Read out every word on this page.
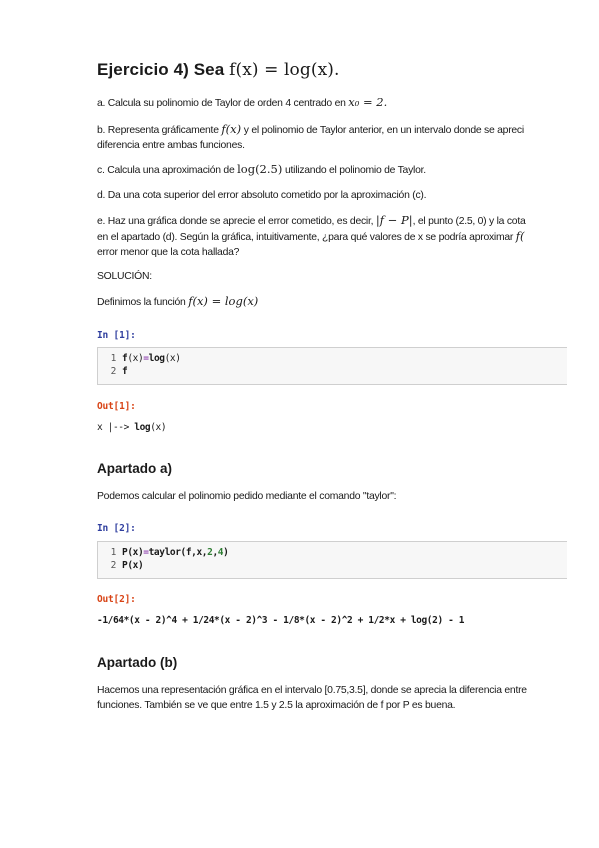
Ejercicio 4) Sea f(x) = log(x).
a. Calcula su polinomio de Taylor de orden 4 centrado en x₀ = 2.
b. Representa gráficamente f(x) y el polinomio de Taylor anterior, en un intervalo donde se apreci
diferencia entre ambas funciones.
c. Calcula una aproximación de log(2.5) utilizando el polinomio de Taylor.
d. Da una cota superior del error absoluto cometido por la aproximación (c).
e. Haz una gráfica donde se aprecie el error cometido, es decir, |f − P|, el punto (2.5, 0) y la cota
en el apartado (d). Según la gráfica, intuitivamente, ¿para qué valores de x se podría aproximar f(
error menor que la cota hallada?
SOLUCIÓN:
Definimos la función f(x) = log(x)
In [1]:
1 f(x)=log(x)
2 f
Out[1]:
x |--> log(x)
Apartado a)
Podemos calcular el polinomio pedido mediante el comando "taylor":
In [2]:
1 P(x)=taylor(f,x,2,4)
2 P(x)
Out[2]:
-1/64*(x - 2)^4 + 1/24*(x - 2)^3 - 1/8*(x - 2)^2 + 1/2*x + log(2) - 1
Apartado (b)
Hacemos una representación gráfica en el intervalo [0.75,3.5], donde se aprecia la diferencia entre
funciones. También se ve que entre 1.5 y 2.5 la aproximación de f por P es buena.
